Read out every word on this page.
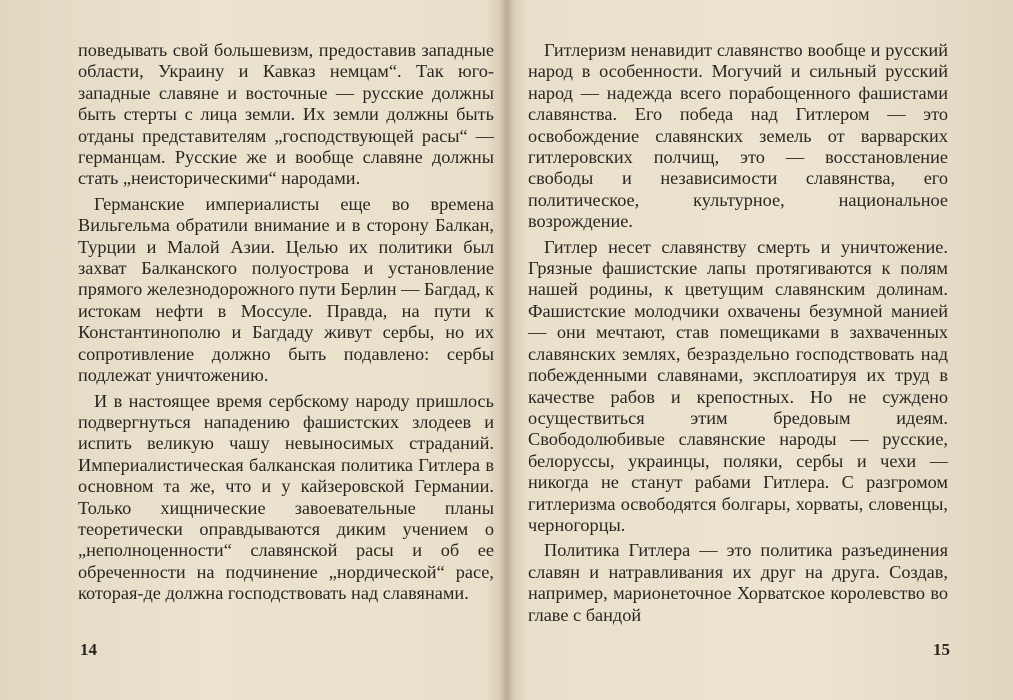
поведывать свой большевизм, предоставив западные области, Украину и Кавказ немцам“. Так юго-западные славяне и восточные — русские должны быть стерты с лица земли. Их земли должны быть отданы представителям „господствующей расы“ — германцам. Русские же и вообще славяне должны стать „неисторическими“ народами.

Германские империалисты еще во времена Вильгельма обратили внимание и в сторону Балкан, Турции и Малой Азии. Целью их политики был захват Балканского полуострова и установление прямого железнодорожного пути Берлин — Багдад, к истокам нефти в Моссуле. Правда, на пути к Константинополю и Багдаду живут сербы, но их сопротивление должно быть подавлено: сербы подлежат уничтожению.

И в настоящее время сербскому народу пришлось подвергнуться нападению фашистских злодеев и испить великую чашу невыносимых страданий. Империалистическая балканская политика Гитлера в основном та же, что и у кайзеровской Германии. Только хищнические завоевательные планы теоретически оправдываются диким учением о „неполноценности“ славянской расы и об ее обреченности на подчинение „нордической“ расе, которая-де должна господствовать над славянами.

Гитлеризм ненавидит славянство вообще и русский народ в особенности. Могучий и сильный русский народ — надежда всего порабощенного фашистами славянства. Его победа над Гитлером — это освобождение славянских земель от варварских гитлеровских полчищ, это — восстановление свободы и независимости славянства, его политическое, культурное, национальное возрождение.

Гитлер несет славянству смерть и уничтожение. Грязные фашистские лапы протягиваются к полям нашей родины, к цветущим славянским долинам. Фашистские молодчики охвачены безумной манией — они мечтают, став помещиками в захваченных славянских землях, безраздельно господствовать над побежденными славянами, эксплоатируя их труд в качестве рабов и крепостных. Но не суждено осуществиться этим бредовым идеям. Свободолюбивые славянские народы — русские, белоруссы, украинцы, поляки, сербы и чехи — никогда не станут рабами Гитлера. С разгромом гитлеризма освободятся болгары, хорваты, словенцы, черногорцы.

Политика Гитлера — это политика разъединения славян и натравливания их друг на друга. Создав, например, марионеточное Хорватское королевство во главе с бандой

14	15
